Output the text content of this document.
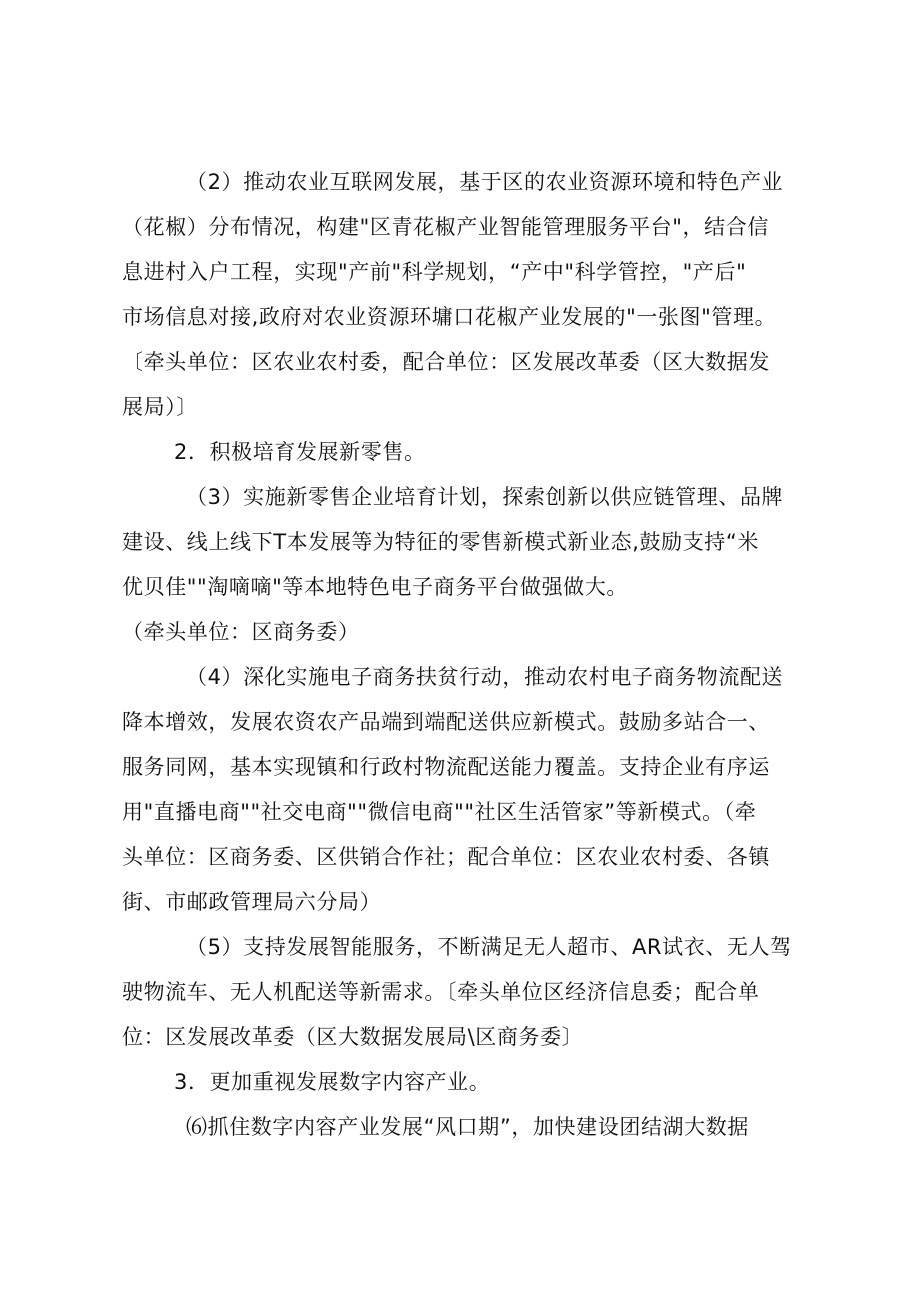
（2）推动农业互联网发展，基于区的农业资源环境和特色产业
（花椒）分布情况，构建"区青花椒产业智能管理服务平台"，结合信
息进村入户工程，实现"产前"科学规划，“产中"科学管控，"产后"
市场信息对接,政府对农业资源环墉口花椒产业发展的"一张图"管理。
〔牵头单位：区农业农村委，配合单位：区发展改革委（区大数据发
展局）〕
2．积极培育发展新零售。
（3）实施新零售企业培育计划，探索创新以供应链管理、品牌
建设、线上线下T本发展等为特征的零售新模式新业态,鼓励支持“米
优贝佳""淘嘀嘀"等本地特色电子商务平台做强做大。
（牵头单位：区商务委）
（4）深化实施电子商务扶贫行动，推动农村电子商务物流配送
降本增效，发展农资农产品端到端配送供应新模式。鼓励多站合一、
服务同网，基本实现镇和行政村物流配送能力覆盖。支持企业有序运
用"直播电商""社交电商""微信电商""社区生活管家”等新模式。（牵
头单位：区商务委、区供销合作社；配合单位：区农业农村委、各镇
街、市邮政管理局六分局）
（5）支持发展智能服务，不断满足无人超市、AR试衣、无人驾
驶物流车、无人机配送等新需求。〔牵头单位区经济信息委；配合单
位：区发展改革委（区大数据发展局\区商务委〕
3．更加重视发展数字内容产业。
⑹抓住数字内容产业发展“风口期”，加快建设团结湖大数据
